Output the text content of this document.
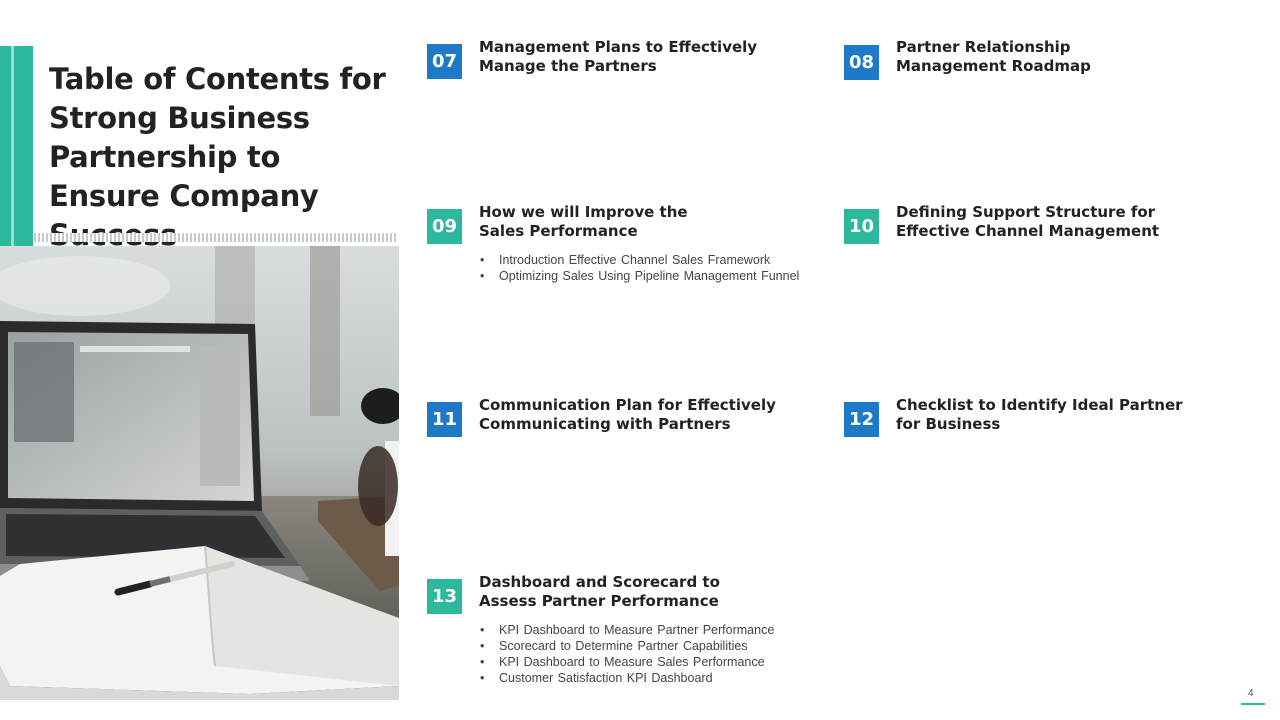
Table of Contents for Strong Business Partnership to Ensure Company
07
Management Plans to Effectively Manage the Partners	08
Partner Relationship Management Roadmap
09
How we will Improve the Sales Performance
• Introduction Effective Channel Sales Framework
• Optimizing Sales Using Pipeline Management Funnel
10
Defining Support Structure for Effective Channel Management
11
Communication Plan for Effectively Communicating with Partners	12
Checklist to Identify Ideal Partner for Business
13
Dashboard and Scorecard to Assess Partner Performance
• KPI Dashboard to Measure Partner Performance
• Scorecard to Determine Partner Capabilities
• KPI Dashboard to Measure Sales Performance
• Customer Satisfaction KPI Dashboard
4
